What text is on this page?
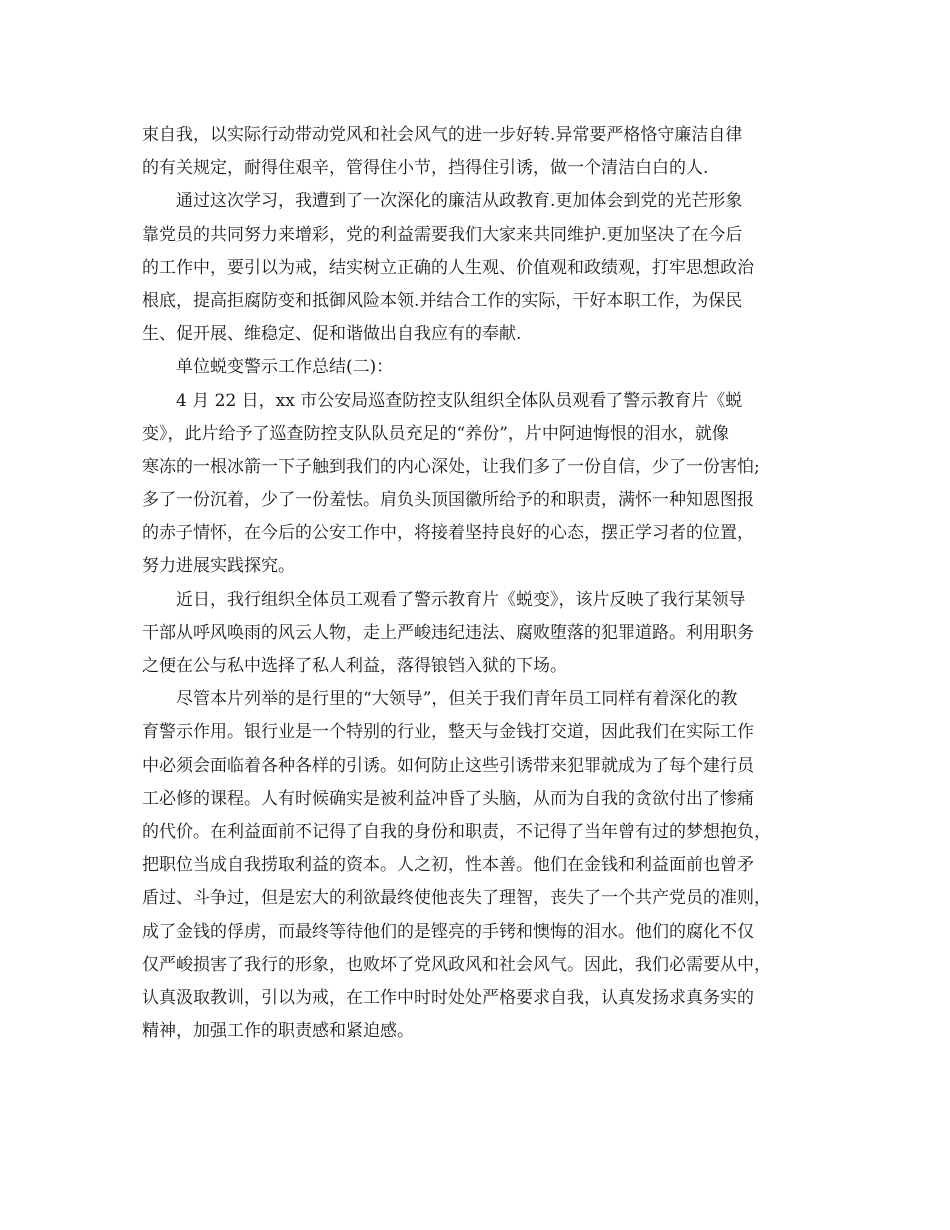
束自我，以实际行动带动党风和社会风气的进一步好转.异常要严格恪守廉洁自律
的有关规定，耐得住艰辛，管得住小节，挡得住引诱，做一个清洁白白的人.
通过这次学习，我遭到了一次深化的廉洁从政教育.更加体会到党的光芒形象
靠党员的共同努力来增彩，党的利益需要我们大家来共同维护.更加坚决了在今后
的工作中，要引以为戒，结实树立正确的人生观、价值观和政绩观，打牢思想政治
根底，提高拒腐防变和抵御风险本领.并结合工作的实际，干好本职工作，为保民
生、促开展、维稳定、促和谐做出自我应有的奉献.
单位蜕变警示工作总结(二)：
4 月 22 日，xx 市公安局巡查防控支队组织全体队员观看了警示教育片《蜕
变》，此片给予了巡查防控支队队员充足的“养份”，片中阿迪悔恨的泪水，就像
寒冻的一根冰箭一下子触到我们的内心深处，让我们多了一份自信，少了一份害怕;
多了一份沉着，少了一份羞怯。肩负头顶国徽所给予的和职责，满怀一种知恩图报
的赤子情怀，在今后的公安工作中，将接着坚持良好的心态，摆正学习者的位置，
努力进展实践探究。
近日，我行组织全体员工观看了警示教育片《蜕变》，该片反映了我行某领导
干部从呼风唤雨的风云人物，走上严峻违纪违法、腐败堕落的犯罪道路。利用职务
之便在公与私中选择了私人利益，落得锒铛入狱的下场。
尽管本片列举的是行里的“大领导”，但关于我们青年员工同样有着深化的教
育警示作用。银行业是一个特别的行业，整天与金钱打交道，因此我们在实际工作
中必须会面临着各种各样的引诱。如何防止这些引诱带来犯罪就成为了每个建行员
工必修的课程。人有时候确实是被利益冲昏了头脑，从而为自我的贪欲付出了惨痛
的代价。在利益面前不记得了自我的身份和职责，不记得了当年曾有过的梦想抱负，
把职位当成自我捞取利益的资本。人之初，性本善。他们在金钱和利益面前也曾矛
盾过、斗争过，但是宏大的利欲最终使他丧失了理智，丧失了一个共产党员的准则，
成了金钱的俘虏，而最终等待他们的是铿亮的手铐和懊悔的泪水。他们的腐化不仅
仅严峻损害了我行的形象，也败坏了党风政风和社会风气。因此，我们必需要从中，
认真汲取教训，引以为戒，在工作中时时处处严格要求自我，认真发扬求真务实的
精神，加强工作的职责感和紧迫感。
